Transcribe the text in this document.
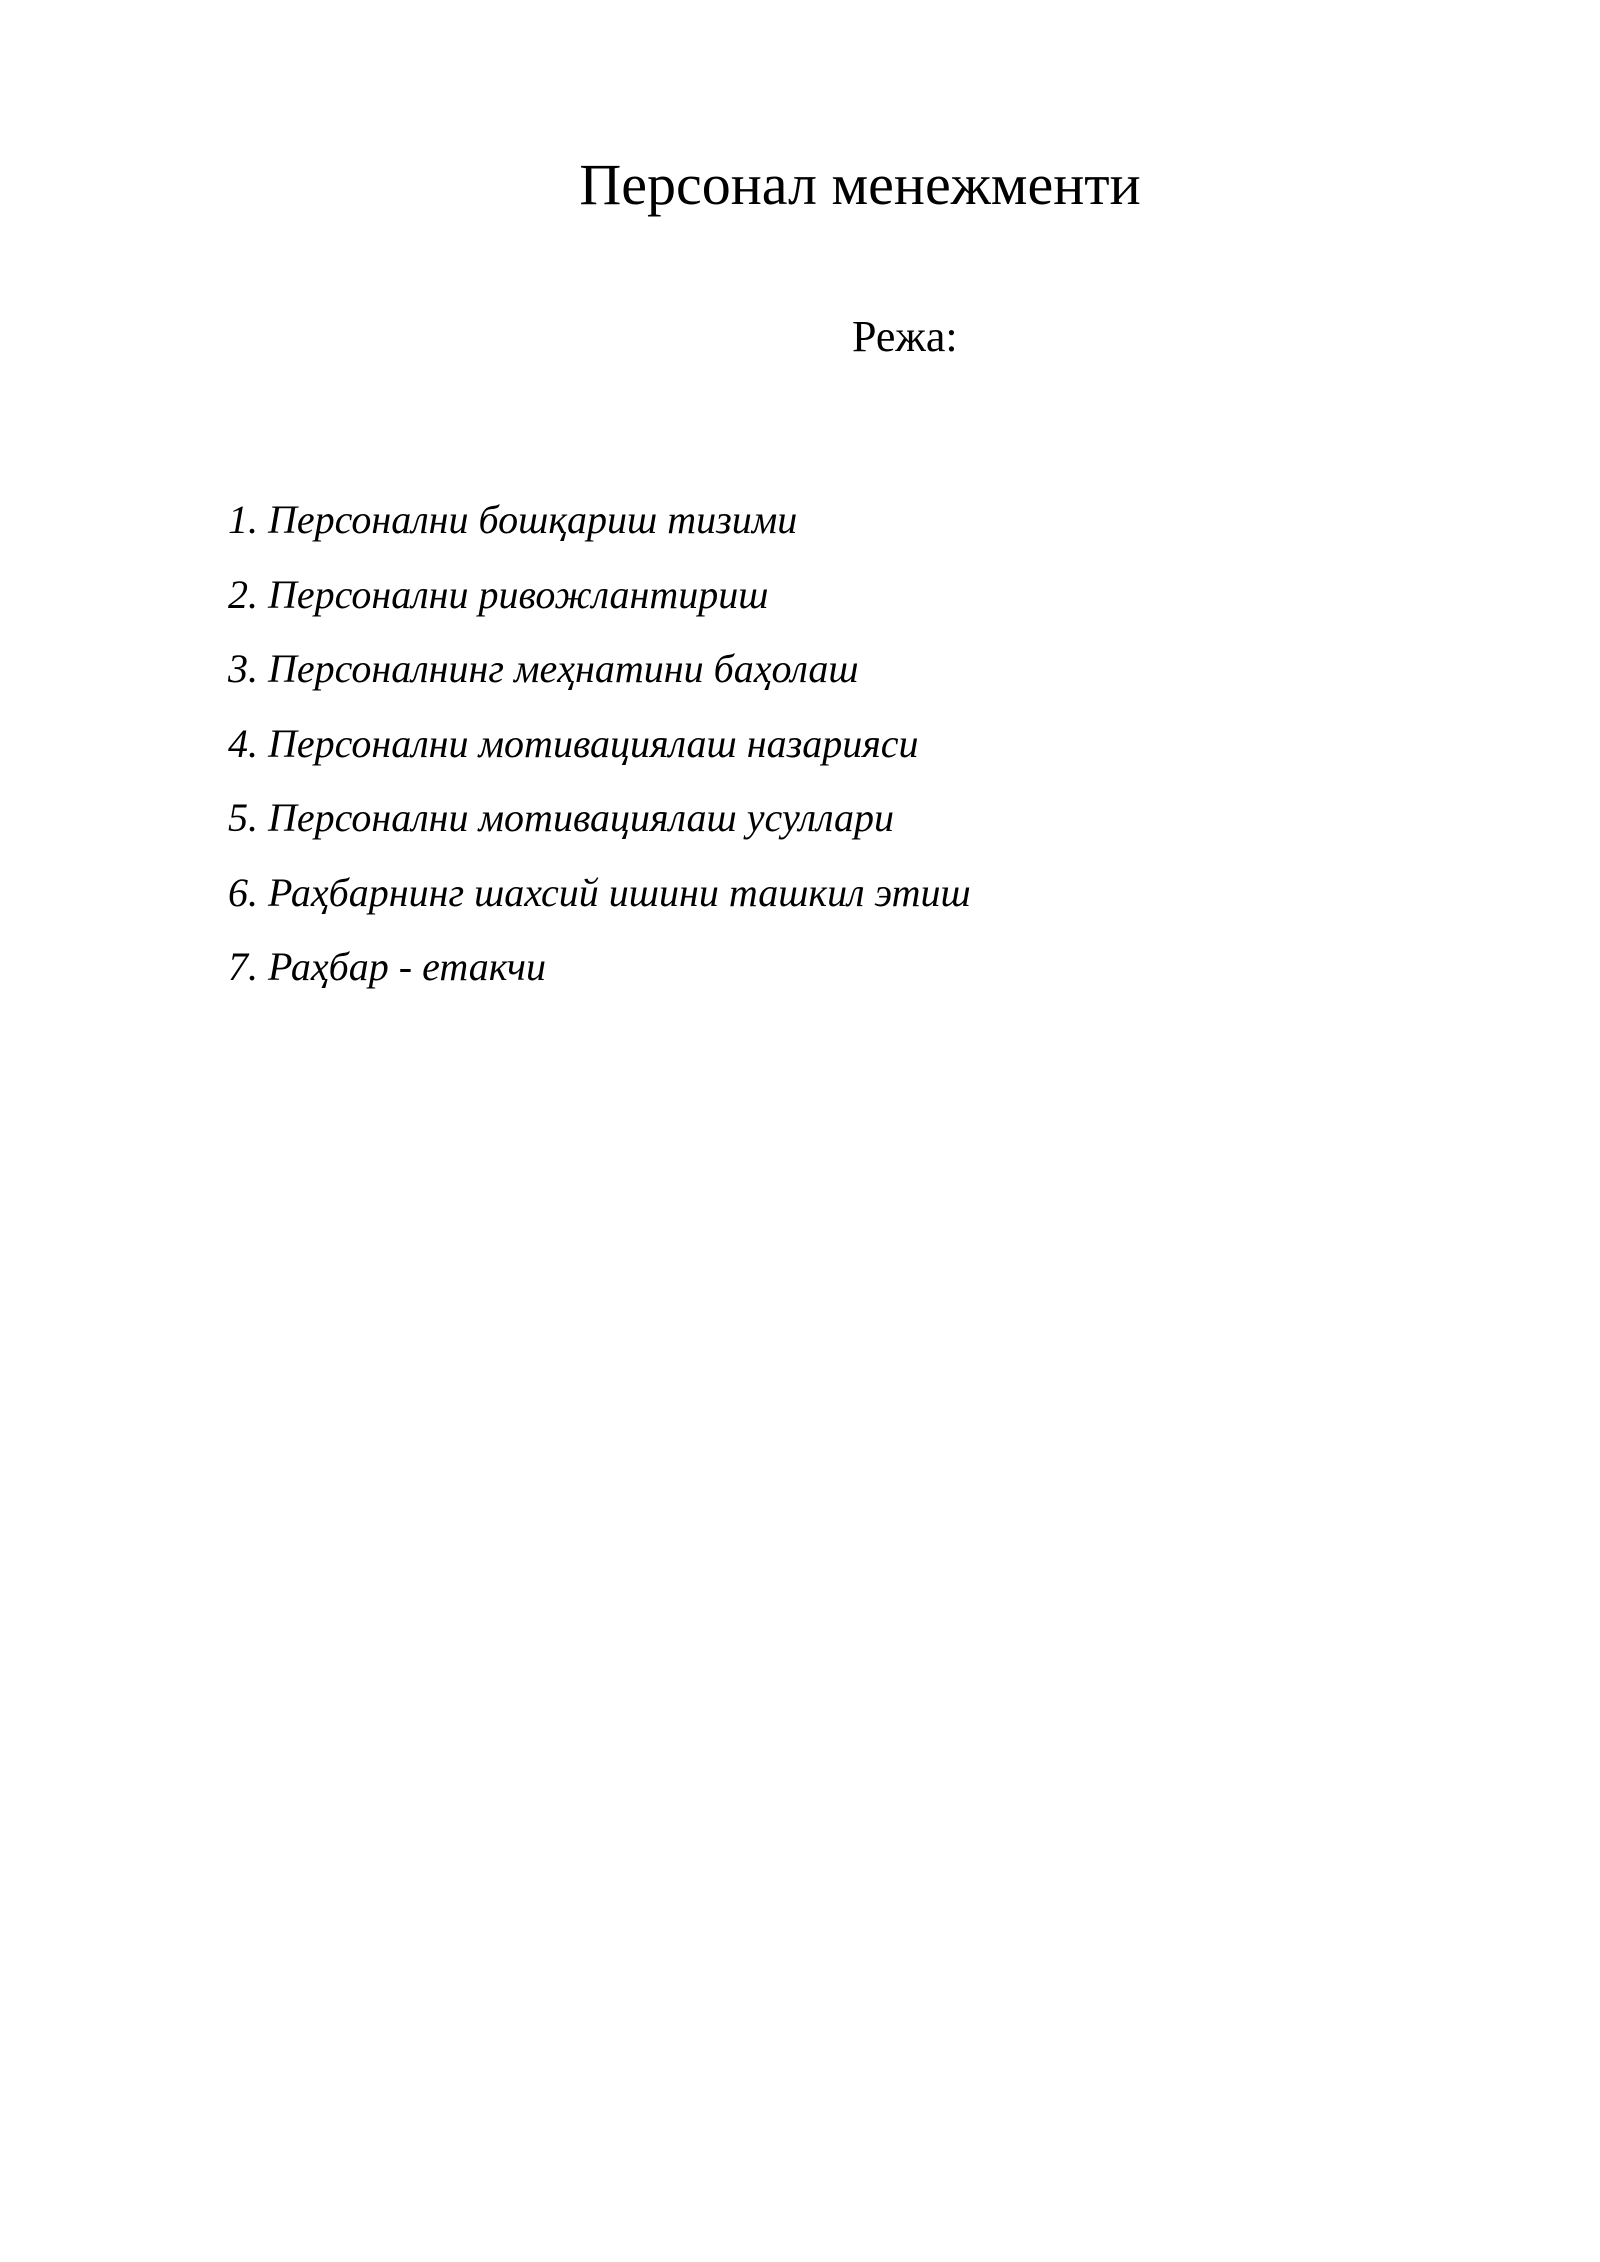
Персонал менежменти

Режа:

1. Персонални бошқариш тизими
2. Персонални ривожлантириш
3. Персоналнинг меҳнатини баҳолаш
4. Персонални мотивациялаш назарияси
5. Персонални мотивациялаш усуллари
6. Раҳбарнинг шахсий ишини ташкил этиш
7. Раҳбар - етакчи
